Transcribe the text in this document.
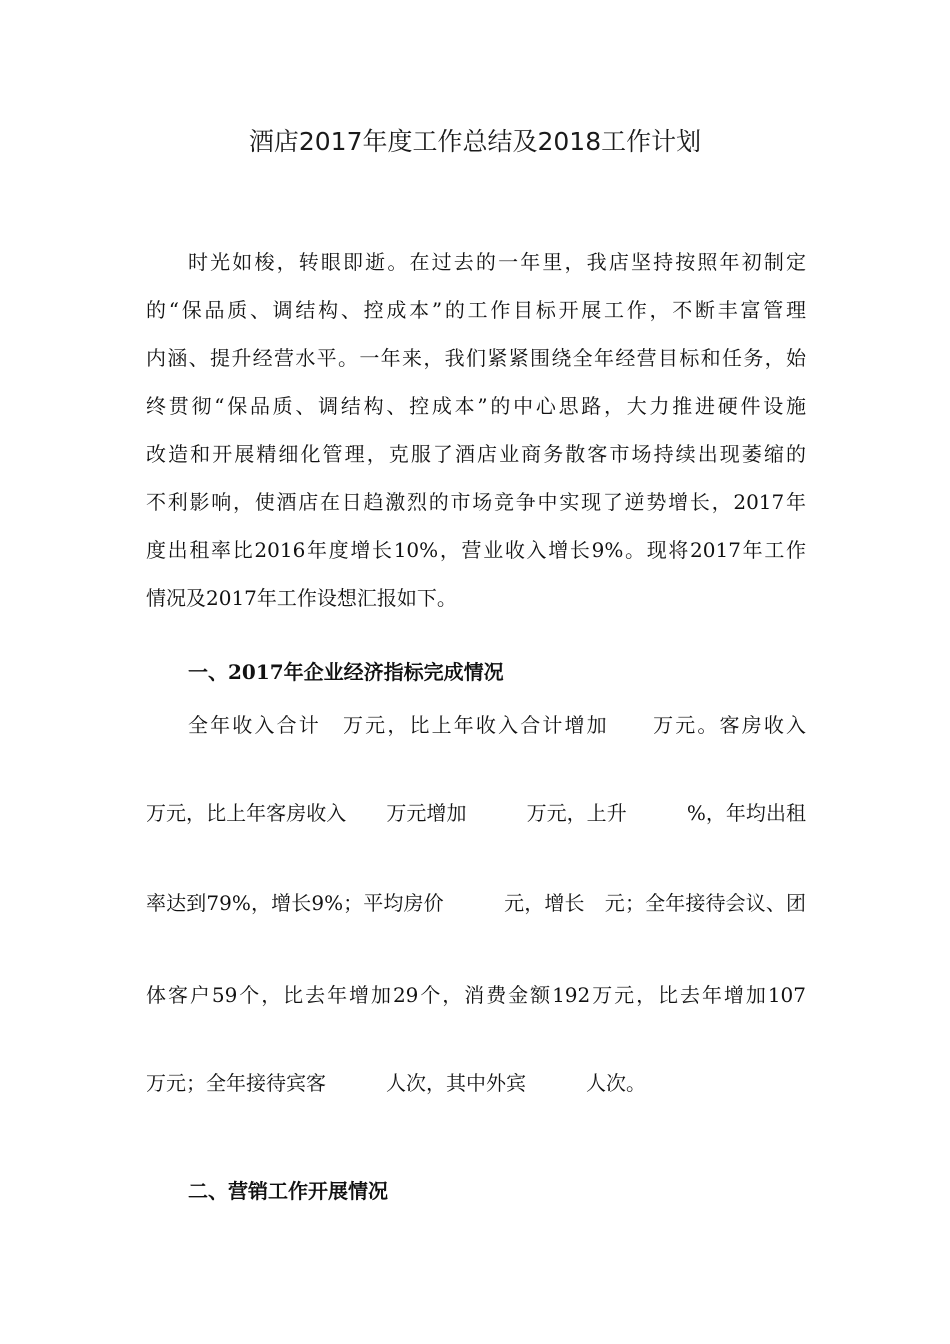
酒店2017年度工作总结及2018工作计划

时光如梭，转眼即逝。在过去的一年里，我店坚持按照年初制定

的“保品质、调结构、控成本”的工作目标开展工作，不断丰富管理

内涵、提升经营水平。一年来，我们紧紧围绕全年经营目标和任务，始

终贯彻“保品质、调结构、控成本”的中心思路，大力推进硬件设施

改造和开展精细化管理，克服了酒店业商务散客市场持续出现萎缩的

不利影响，使酒店在日趋激烈的市场竞争中实现了逆势增长，2017年

度出租率比2016年度增长10%，营业收入增长9%。现将2017年工作

情况及2017年工作设想汇报如下。

一、2017年企业经济指标完成情况

全年收入合计　万元，比上年收入合计增加　　万元。客房收入

万元，比上年客房收入　　万元增加　　　万元，上升　　　%，年均出租

率达到79%，增长9%；平均房价　　　元，增长　元；全年接待会议、团

体客户59个，比去年增加29个，消费金额192万元，比去年增加107

万元；全年接待宾客　　　人次，其中外宾　　　人次。

二、营销工作开展情况
